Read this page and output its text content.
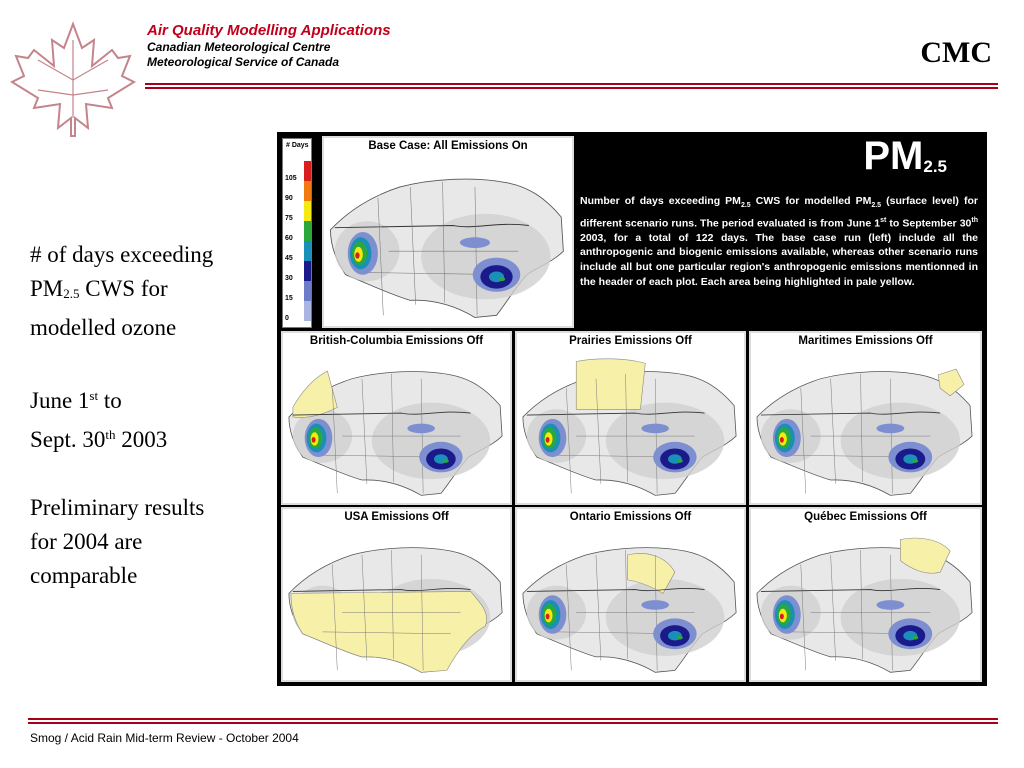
Air Quality Modelling Applications
Canadian Meteorological Centre
Meteorological Service of Canada	CMC

# of days exceeding
$PM_{2.5}$ CWS for
modelled ozone

June 1st to
Sept. 30th 2003

Preliminary results
for 2004 are
comparable

# Days
105
90
75
60
45
30
15
0
Base Case: All Emissions On	$PM_{2.5}$
Number of days exceeding $PM_{2.5}$ CWS for modelled $PM_{2.5}$ (surface level) for different scenario runs. The period evaluated is from June 1st to September 30th 2003, for a total of 122 days. The base case run (left) include all the anthropogenic and biogenic emissions available, whereas other scenario runs include all but one particular region's anthropogenic emissions mentionned in the header of each plot. Each area being highlighted in pale yellow.
British-Columbia Emissions Off	Prairies Emissions Off	Maritimes Emissions Off
USA Emissions Off	Ontario Emissions Off	Québec Emissions Off
Smog / Acid Rain Mid-term Review - October 2004
